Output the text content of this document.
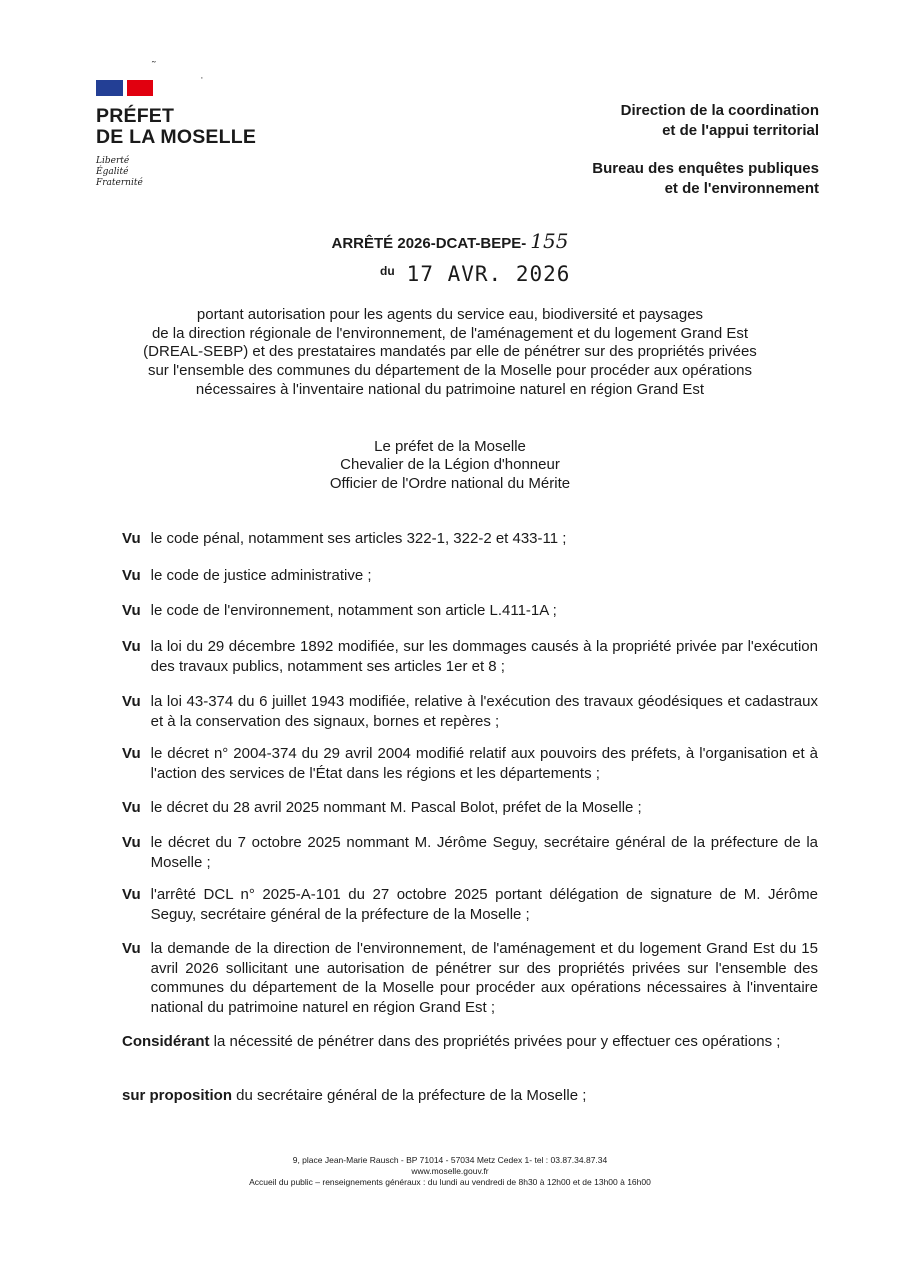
˜
·
PRÉFET
DE LA MOSELLE
Liberté
Égalité
Fraternité
Direction de la coordination
et de l'appui territorial
Bureau des enquêtes publiques
et de l'environnement
ARRÊTÉ 2026-DCAT-BEPE- 155
$^{du}$ 17 AVR. 2026
portant autorisation pour les agents du service eau, biodiversité et paysages
de la direction régionale de l'environnement, de l'aménagement et du logement Grand Est
(DREAL-SEBP) et des prestataires mandatés par elle de pénétrer sur des propriétés privées
sur l'ensemble des communes du département de la Moselle pour procéder aux opérations
nécessaires à l'inventaire national du patrimoine naturel en région Grand Est
Le préfet de la Moselle
Chevalier de la Légion d'honneur
Officier de l'Ordre national du Mérite
Vu le code pénal, notamment ses articles 322-1, 322-2 et 433-11 ;
Vu le code de justice administrative ;
Vu le code de l'environnement, notamment son article L.411-1A ;
Vu la loi du 29 décembre 1892 modifiée, sur les dommages causés à la propriété privée par l'exécution des travaux publics, notamment ses articles 1er et 8 ;
Vu la loi 43-374 du 6 juillet 1943 modifiée, relative à l'exécution des travaux géodésiques et cadastraux et à la conservation des signaux, bornes et repères ;
Vu le décret n° 2004-374 du 29 avril 2004 modifié relatif aux pouvoirs des préfets, à l'organisation et à l'action des services de l'État dans les régions et les départements ;
Vu le décret du 28 avril 2025 nommant M. Pascal Bolot, préfet de la Moselle ;
Vu le décret du 7 octobre 2025 nommant M. Jérôme Seguy, secrétaire général de la préfecture de la Moselle ;
Vu l'arrêté DCL n° 2025-A-101 du 27 octobre 2025 portant délégation de signature de M. Jérôme Seguy, secrétaire général de la préfecture de la Moselle ;
Vu la demande de la direction de l'environnement, de l'aménagement et du logement Grand Est du 15 avril 2026 sollicitant une autorisation de pénétrer sur des propriétés privées sur l'ensemble des communes du département de la Moselle pour procéder aux opérations nécessaires à l'inventaire national du patrimoine naturel en région Grand Est ;
Considérant la nécessité de pénétrer dans des propriétés privées pour y effectuer ces opérations ;
sur proposition du secrétaire général de la préfecture de la Moselle ;
9, place Jean-Marie Rausch - BP 71014 - 57034 Metz Cedex 1- tel : 03.87.34.87.34
www.moselle.gouv.fr
Accueil du public – renseignements généraux : du lundi au vendredi de 8h30 à 12h00 et de 13h00 à 16h00
